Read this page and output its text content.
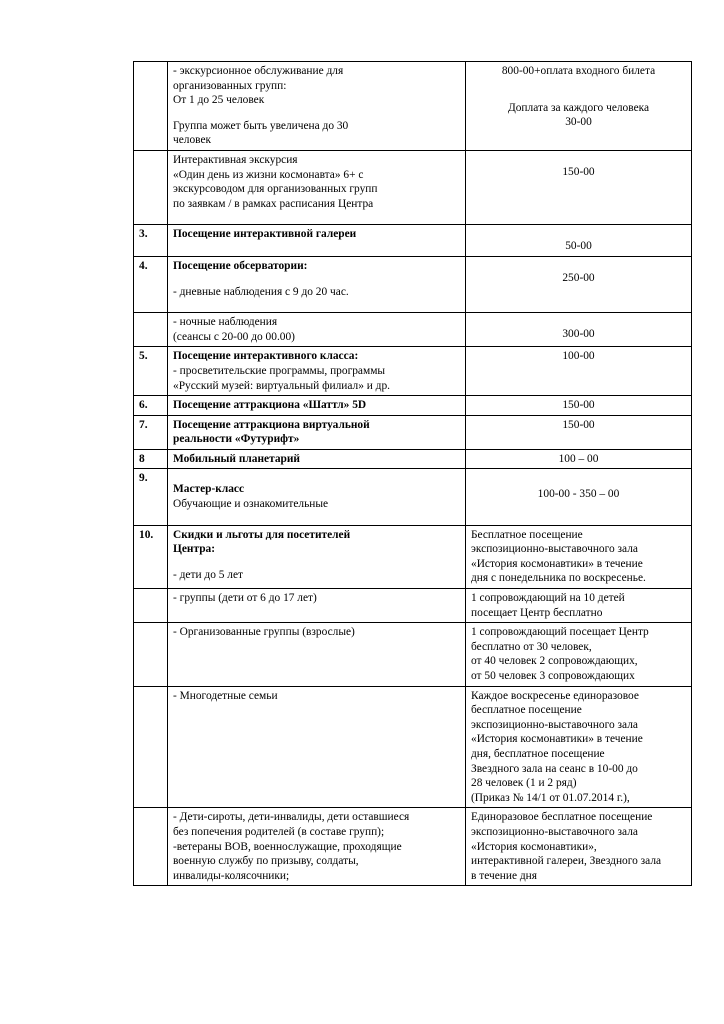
	- экскурсионное обслуживание для
организованных групп:
От 1 до 25 человек
Группа может быть увеличена до 30
человек	800-00+оплата входного билета
Доплата за каждого человека
30-00

	Интерактивная экскурсия
«Один день из жизни космонавта» 6+ с
экскурсоводом для организованных групп
по заявкам / в рамках расписания Центра	150-00

3.	Посещение интерактивной галереи	50-00

4.	Посещение обсерватории:
- дневные наблюдения с 9 до 20 час.	250-00

	- ночные наблюдения
(сеансы с 20-00 до 00.00)	300-00

5.	Посещение интерактивного класса:
- просветительские программы, программы
«Русский музей: виртуальный филиал» и др.	100-00
6.	Посещение аттракциона «Шаттл» 5D	150-00
7.	Посещение аттракциона виртуальной
реальности «Футурифт»	150-00
8	Мобильный планетарий	100 – 00
9.	Мастер-класс
Обучающие и ознакомительные	100-00 - 350 – 00

10.	Скидки и льготы для посетителей
Центра:
- дети до 5 лет	Бесплатное посещение
экспозиционно-выставочного зала
«История космонавтики» в течение
дня с понедельника по воскресенье.
	- группы (дети от 6 до 17 лет)	1 сопровождающий на 10 детей
посещает Центр бесплатно
	- Организованные группы (взрослые)	1 сопровождающий посещает Центр
бесплатно от 30 человек,
от 40 человек 2 сопровождающих,
от 50 человек 3 сопровождающих
	- Многодетные семьи	Каждое воскресенье единоразовое
бесплатное посещение
экспозиционно-выставочного зала
«История космонавтики» в течение
дня, бесплатное посещение
Звездного зала на сеанс в 10-00 до
28 человек (1 и 2 ряд)
(Приказ № 14/1 от 01.07.2014 г.),
	- Дети-сироты, дети-инвалиды, дети оставшиеся
без попечения родителей (в составе групп);
-ветераны ВОВ, военнослужащие, проходящие
военную службу по призыву, солдаты,
инвалиды-колясочники;	Единоразовое бесплатное посещение
экспозиционно-выставочного зала
«История космонавтики»,
интерактивной галереи, Звездного зала
в течение дня
